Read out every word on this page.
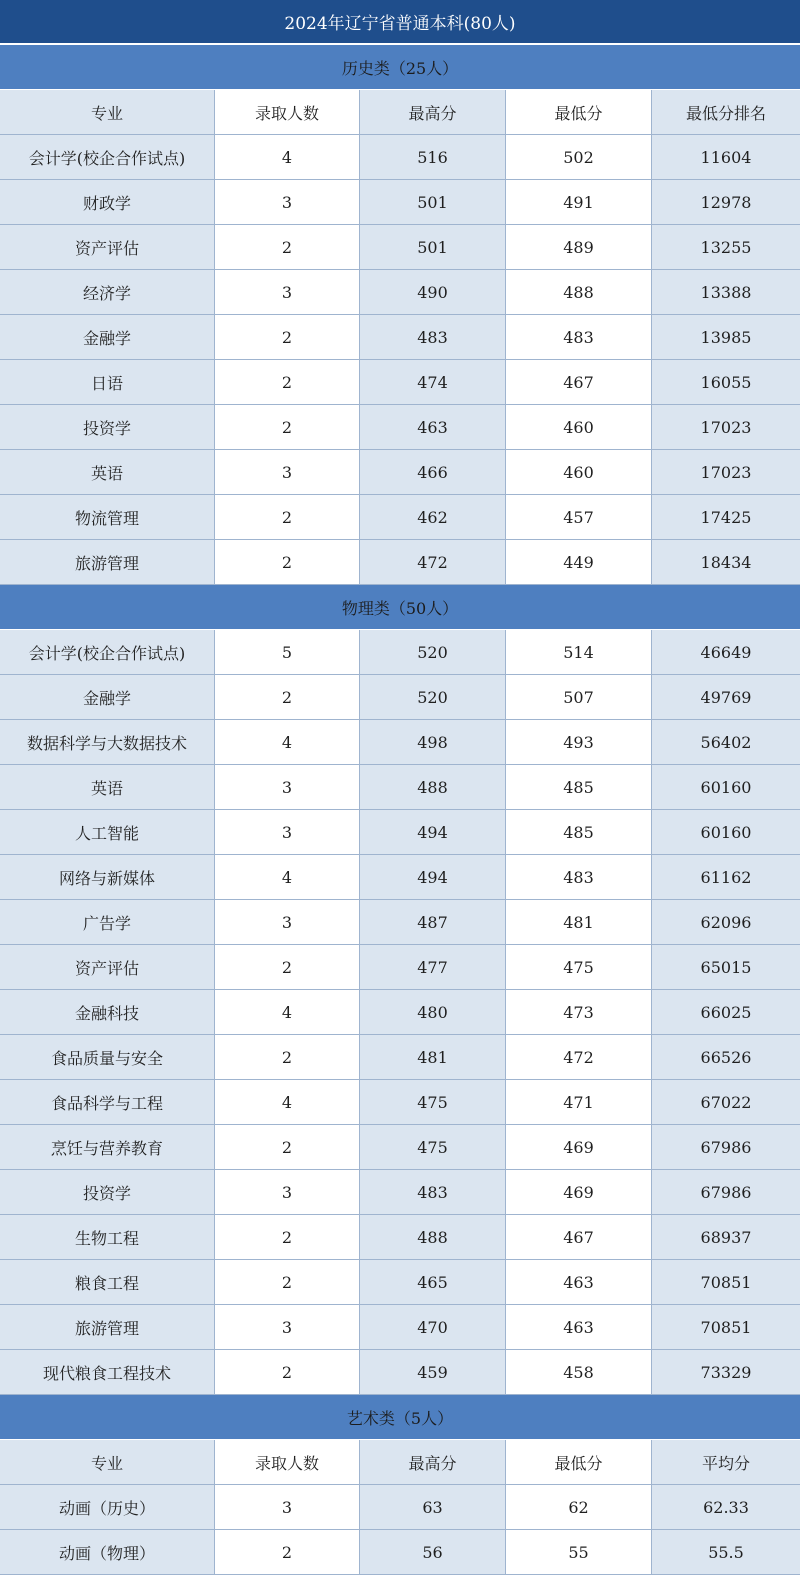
2024年辽宁省普通本科(80人)
历史类（25人）
专业	录取人数	最高分	最低分	最低分排名
会计学(校企合作试点)	4	516	502	11604
财政学	3	501	491	12978
资产评估	2	501	489	13255
经济学	3	490	488	13388
金融学	2	483	483	13985
日语	2	474	467	16055
投资学	2	463	460	17023
英语	3	466	460	17023
物流管理	2	462	457	17425
旅游管理	2	472	449	18434
物理类（50人）
会计学(校企合作试点)	5	520	514	46649
金融学	2	520	507	49769
数据科学与大数据技术	4	498	493	56402
英语	3	488	485	60160
人工智能	3	494	485	60160
网络与新媒体	4	494	483	61162
广告学	3	487	481	62096
资产评估	2	477	475	65015
金融科技	4	480	473	66025
食品质量与安全	2	481	472	66526
食品科学与工程	4	475	471	67022
烹饪与营养教育	2	475	469	67986
投资学	3	483	469	67986
生物工程	2	488	467	68937
粮食工程	2	465	463	70851
旅游管理	3	470	463	70851
现代粮食工程技术	2	459	458	73329
艺术类（5人）
专业	录取人数	最高分	最低分	平均分
动画（历史）	3	63	62	62.33
动画（物理）	2	56	55	55.5
